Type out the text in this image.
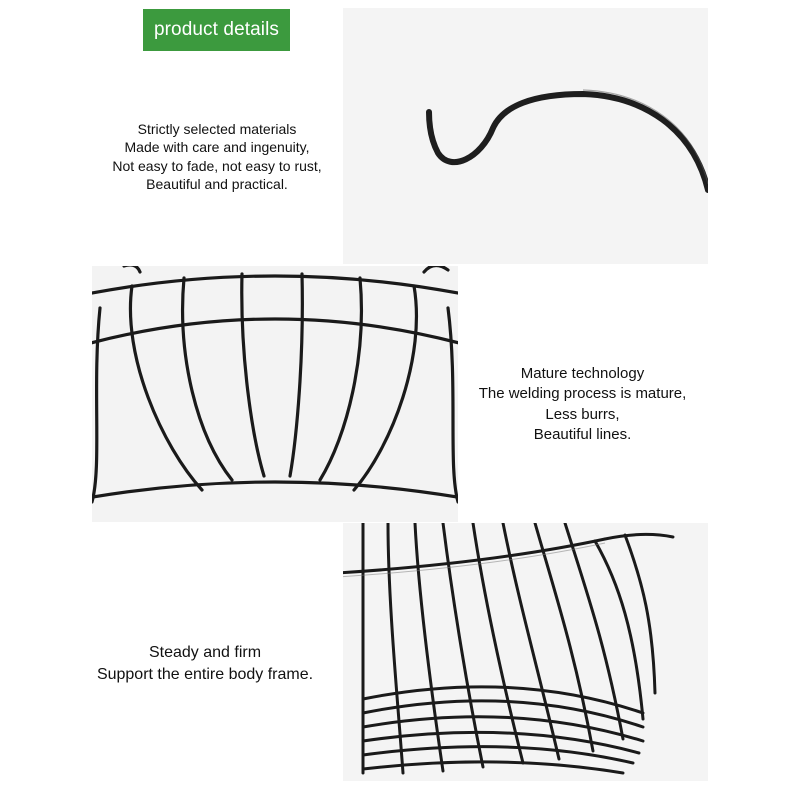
product details
Strictly selected materials
Made with care and ingenuity,
Not easy to fade, not easy to rust,
Beautiful and practical.
Mature technology
The welding process is mature,
Less burrs,
Beautiful lines.
Steady and firm
Support the entire body frame.
